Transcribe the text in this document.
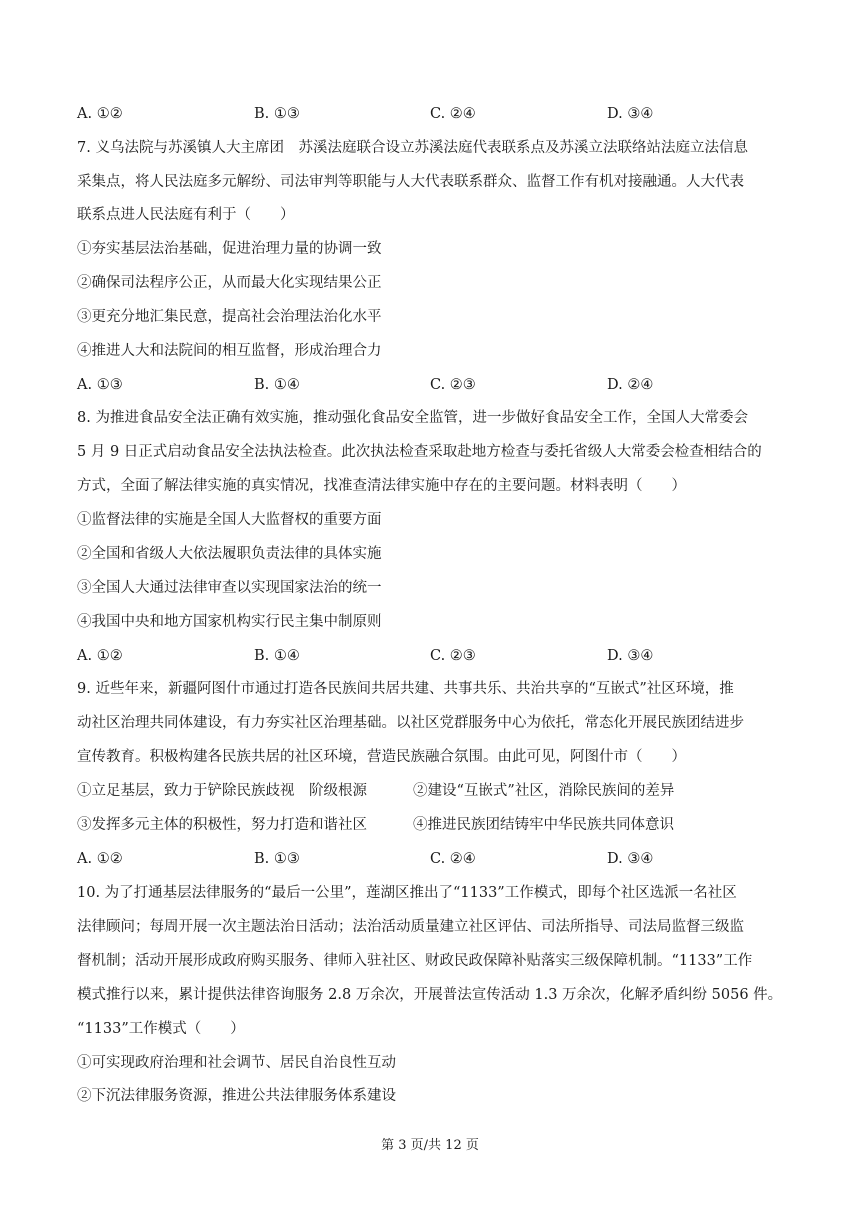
A. ①②	B. ①③	C. ②④	D. ③④
7. 义乌法院与苏溪镇人大主席团　苏溪法庭联合设立苏溪法庭代表联系点及苏溪立法联络站法庭立法信息
采集点，将人民法庭多元解纷、司法审判等职能与人大代表联系群众、监督工作有机对接融通。人大代表
联系点进人民法庭有利于（　　）
①夯实基层法治基础，促进治理力量的协调一致
②确保司法程序公正，从而最大化实现结果公正
③更充分地汇集民意，提高社会治理法治化水平
④推进人大和法院间的相互监督，形成治理合力
A. ①③	B. ①④	C. ②③	D. ②④
8. 为推进食品安全法正确有效实施，推动强化食品安全监管，进一步做好食品安全工作，全国人大常委会
5 月 9 日正式启动食品安全法执法检查。此次执法检查采取赴地方检查与委托省级人大常委会检查相结合的
方式，全面了解法律实施的真实情况，找准查清法律实施中存在的主要问题。材料表明（　　）
①监督法律的实施是全国人大监督权的重要方面
②全国和省级人大依法履职负责法律的具体实施
③全国人大通过法律审查以实现国家法治的统一
④我国中央和地方国家机构实行民主集中制原则
A. ①②	B. ①④	C. ②③	D. ③④
9. 近些年来，新疆阿图什市通过打造各民族间共居共建、共事共乐、共治共享的“互嵌式”社区环境，推
动社区治理共同体建设，有力夯实社区治理基础。以社区党群服务中心为依托，常态化开展民族团结进步
宣传教育。积极构建各民族共居的社区环境，营造民族融合氛围。由此可见，阿图什市（　　）
①立足基层，致力于铲除民族歧视　阶级根源	②建设“互嵌式”社区，消除民族间的差异
③发挥多元主体的积极性，努力打造和谐社区	④推进民族团结铸牢中华民族共同体意识
A. ①②	B. ①③	C. ②④	D. ③④
10. 为了打通基层法律服务的“最后一公里”，莲湖区推出了“1133”工作模式，即每个社区选派一名社区
法律顾问；每周开展一次主题法治日活动；法治活动质量建立社区评估、司法所指导、司法局监督三级监
督机制；活动开展形成政府购买服务、律师入驻社区、财政民政保障补贴落实三级保障机制。“1133”工作
模式推行以来，累计提供法律咨询服务 2.8 万余次，开展普法宣传活动 1.3 万余次，化解矛盾纠纷 5056 件。
“1133”工作模式（　　）
①可实现政府治理和社会调节、居民自治良性互动
②下沉法律服务资源，推进公共法律服务体系建设
第 3 页/共 12 页
